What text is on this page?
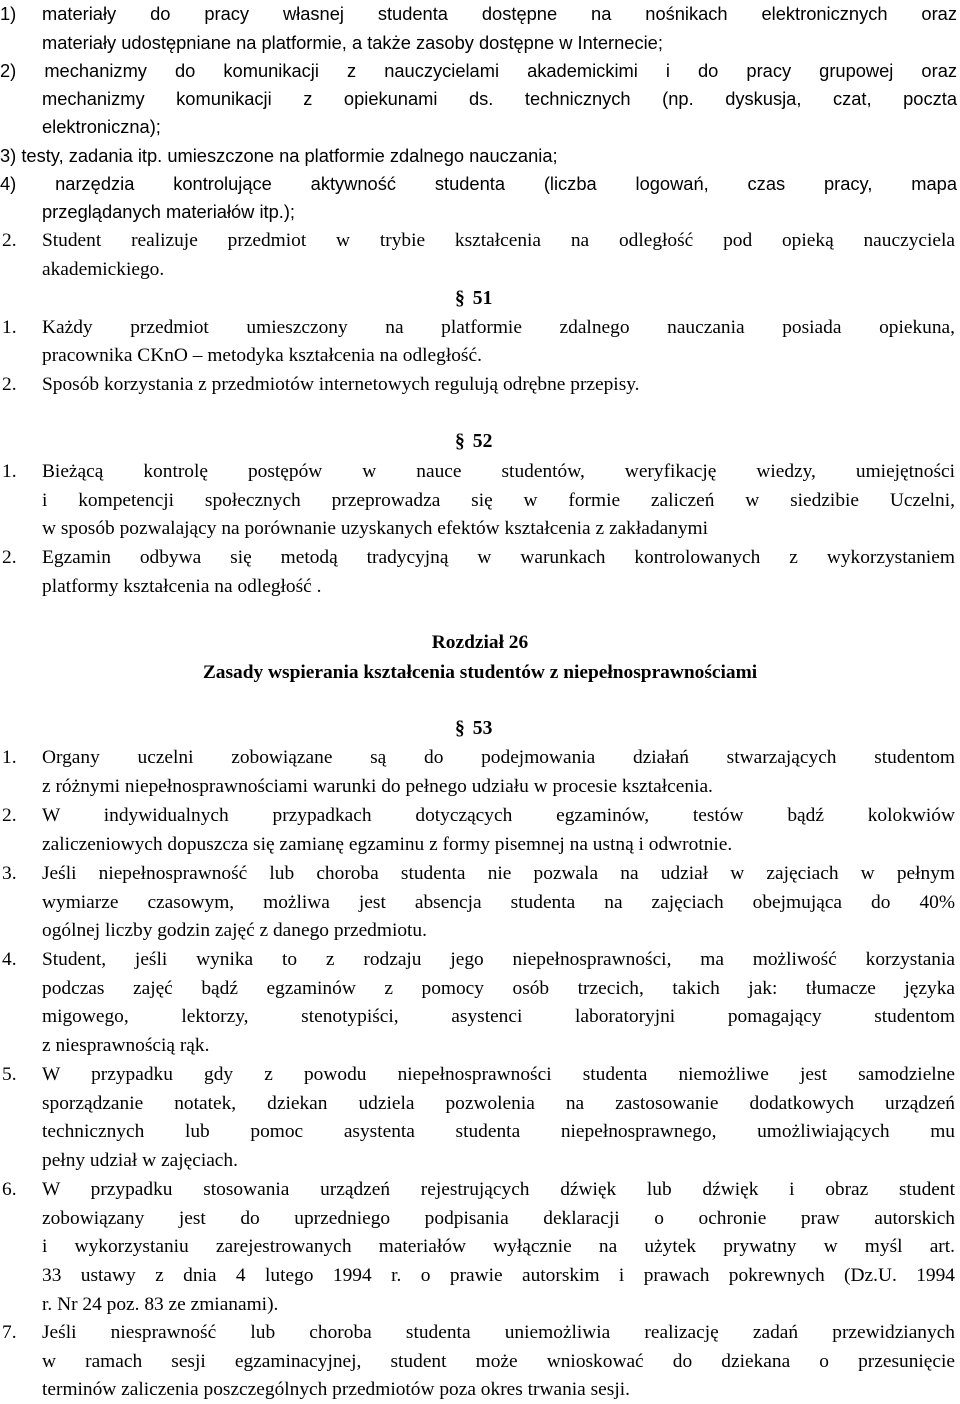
1) materiały do pracy własnej studenta dostępne na nośnikach elektronicznych oraz
materiały udostępniane na platformie, a także zasoby dostępne w Internecie;
2) mechanizmy do komunikacji z nauczycielami akademickimi i do pracy grupowej oraz
mechanizmy komunikacji z opiekunami ds. technicznych (np. dyskusja, czat, poczta
elektroniczna);
3) testy, zadania itp. umieszczone na platformie zdalnego nauczania;
4) narzędzia kontrolujące aktywność studenta (liczba logowań, czas pracy, mapa
przeglądanych materiałów itp.);
2. Student realizuje przedmiot w trybie kształcenia na odległość pod opieką nauczyciela
akademickiego.
§ 51
1. Każdy przedmiot umieszczony na platformie zdalnego nauczania posiada opiekuna,
pracownika CKnO – metodyka kształcenia na odległość.
2. Sposób korzystania z przedmiotów internetowych regulują odrębne przepisy.
§ 52
1. Bieżącą kontrolę postępów w nauce studentów, weryfikację wiedzy, umiejętności
i kompetencji społecznych przeprowadza się w formie zaliczeń w siedzibie Uczelni,
w sposób pozwalający na porównanie uzyskanych efektów kształcenia z zakładanymi
2. Egzamin odbywa się metodą tradycyjną w warunkach kontrolowanych z wykorzystaniem
platformy kształcenia na odległość .
Rozdział 26
Zasady wspierania kształcenia studentów z niepełnosprawnościami
§ 53
1. Organy uczelni zobowiązane są do podejmowania działań stwarzających studentom
z różnymi niepełnosprawnościami warunki do pełnego udziału w procesie kształcenia.
2. W indywidualnych przypadkach dotyczących egzaminów, testów bądź kolokwiów
zaliczeniowych dopuszcza się zamianę egzaminu z formy pisemnej na ustną i odwrotnie.
3. Jeśli niepełnosprawność lub choroba studenta nie pozwala na udział w zajęciach w pełnym
wymiarze czasowym, możliwa jest absencja studenta na zajęciach obejmująca do 40%
ogólnej liczby godzin zajęć z danego przedmiotu.
4. Student, jeśli wynika to z rodzaju jego niepełnosprawności, ma możliwość korzystania
podczas zajęć bądź egzaminów z pomocy osób trzecich, takich jak: tłumacze języka
migowego, lektorzy, stenotypiści, asystenci laboratoryjni pomagający studentom
z niesprawnością rąk.
5. W przypadku gdy z powodu niepełnosprawności studenta niemożliwe jest samodzielne
sporządzanie notatek, dziekan udziela pozwolenia na zastosowanie dodatkowych urządzeń
technicznych lub pomoc asystenta studenta niepełnosprawnego, umożliwiających mu
pełny udział w zajęciach.
6. W przypadku stosowania urządzeń rejestrujących dźwięk lub dźwięk i obraz student
zobowiązany jest do uprzedniego podpisania deklaracji o ochronie praw autorskich
i wykorzystaniu zarejestrowanych materiałów wyłącznie na użytek prywatny w myśl art.
33 ustawy z dnia 4 lutego 1994 r. o prawie autorskim i prawach pokrewnych (Dz.U. 1994
r. Nr 24 poz. 83 ze zmianami).
7. Jeśli niesprawność lub choroba studenta uniemożliwia realizację zadań przewidzianych
w ramach sesji egzaminacyjnej, student może wnioskować do dziekana o przesunięcie
terminów zaliczenia poszczególnych przedmiotów poza okres trwania sesji.
